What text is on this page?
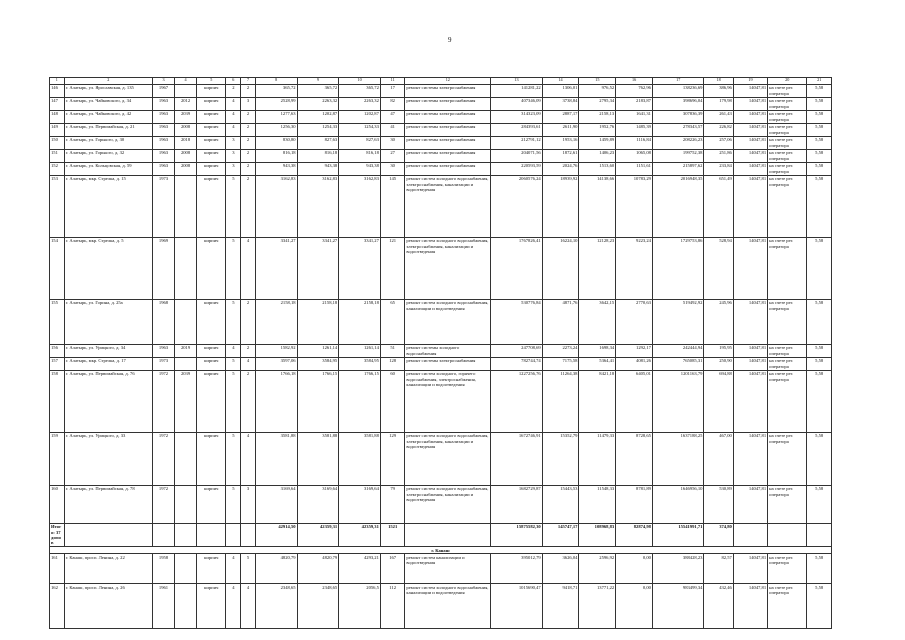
9
1	2	3	4	5	6	7	8	9	10	11	12	13	14	15	16	17	18	19	20	21
146	г. Алатырь, ул. Ярославская, д. 135	1967		кирпич	2	2	365,72	365,72	365,72	17	ремонт системы электроснабжения	141281,22	1306,01	976,52	762,96	138236,69	386,96	14047,81	на счете рег. оператора	5,58
147	г. Алатырь, ул. Чайковского, д. 34	1963	2012	кирпич	4	3	2528,99	2263,32	2263,32	82	ремонт системы электроснабжения	407346,09	3738,84	2795,34	2183,87	398696,04	179,98	14047,81	на счете рег. оператора	5,58
148	г. Алатырь, ул. Чайковского, д. 42	1963	2039	кирпич	4	2	1277,63	1202,87	1202,87	47	ремонт системы электроснабжения	314323,09	2887,17	2158,13	1641,31	307836,39	261,43	14047,81	на счете рег. оператора	5,58
149	г. Алатырь, ул. Первомайская, д. 21	1963	2008	кирпич	4	2	1256,30	1254,33	1254,33	41	ремонт системы электроснабжения	284393,61	2611,90	1952,76	1485,39	278343,57	226,82	14047,81	на счете рег. оператора	5,58
150	г. Алатырь, ул. Горького, д. 30	1963	2018	кирпич	3	2	830,80	827,63	827,63	30	ремонт системы электроснабжения	212791,12	1953,16	1459,89	1116,84	208226,23	257,06	14047,81	на счете рег. оператора	5,58
151	г. Алатырь, ул. Горького, д. 32	1963	2008	кирпич	3	2	816,18	816,18	816,18	27	ремонт системы электроснабжения	204071,56	1872,61	1406,23	1065,08	199752,38	251,86	14047,81	на счете рег. оператора	5,58
152	г. Алатырь, ул. Кольцовская, д. 59	1963	2008	кирпич	3	2	943,38	943,38	943,38	30	ремонт системы электроснабжения	220593,59	2024,76	1513,60	1151,61	215897,62	233,84	14047,81	на счете рег. оператора	5,58
153	г. Алатырь, мкр. Стрелка, д. 15	1973		кирпич	5	2	3162,83	3162,83	3162,83	145	ремонт систем холодного водоснабжения, электроснабжения, канализации и водоотведения	2060576,24	18939,92	14138,66	10783,29	2016948,35	651,49	14047,81	на счете рег. оператора	5,58
154	г. Алатырь, мкр. Стрелка, д. 5	1969		кирпич	5	4	3341,27	3341,27	3341,27	121	ремонт систем холодного водоснабжения, электроснабжения, канализации и водоотведения	1767826,41	16224,10	12128,23	9223,24	1729753,86	528,94	14047,81	на счете рег. оператора	5,58
155	г. Алатырь, ул. Горина, д. 25а	1968		кирпич	5	2	2158,18	2158,18	2158,18	65	ремонт систем холодного водоснабжения, канализации и водоотведения	530776,84	4871,76	3642,15	2770,63	519492,92	245,96	14047,81	на счете рег. оператора	5,58
156	г. Алатырь, ул. Урицкого, д. 34	1963	2019	кирпич	4	2	1582,92	1261,14	1261,14	51	ремонт системы холодного водоснабжения	247708,69	2273,24	1698,34	1292,17	242444,94	195,95	14047,81	на счете рег. оператора	5,58
157	г. Алатырь, мкр. Стрелка, д. 17	1973		кирпич	5	4	3597,06	3584,95	3584,95	128	ремонт системы электроснабжения	782744,74	7175,58	5364,41	4081,26	765085,31	250,90	14047,81	на счете рег. оператора	5,58
158	г. Алатырь, ул. Первомайская, д. 76	1972	2039	кирпич	5	2	1766,18	1766,15	1766,15	60	ремонт систем холодного, горячего водоснабжения, электроснабжения, канализации и водоотведения	1227256,76	11264,38	8421,18	6405,01	1201163,79	694,88	14047,81	на счете рег. оператора	5,58
159	г. Алатырь, ул. Урицкого, д. 33	1972		кирпич	5	4	3581,88	3581,88	3581,88	129	ремонт систем холодного водоснабжения, электроснабжения, канализации и водоотведения	1672746,91	15352,79	11479,33	8728,65	1637188,25	467,00	14047,81	на счете рег. оператора	5,58
160	г. Алатырь, ул. Первомайская, д. 78	1972		кирпич	5	3	3169,64	3169,64	3169,64	79	ремонт систем холодного водоснабжения, электроснабжения, канализации и водоотведения	1682729,87	15443,53	11548,33	8781,89	1646956,10	530,89	14047,81	на счете рег. оператора	5,58
Итого: 37 домов							42914,50	42359,31	42359,31	1521		15875582,30	145747,17	108968,83	82874,98	15541991,71	374,80			
г. Канаш																				
161	г. Канаш, просп. Ленина, д. 22	1958		кирпич	4	5	4820,79	4820,79	4293,21	167	ремонт систем канализации и водоотведения	395012,79	3626,04	2596,92	0,00	388428,23	82,57	14047,81	на счете рег. оператора	5,58
162	г. Канаш, просп. Ленина, д. 26	1961		кирпич	4	4	2348,65	2348,65	2056,5	112	ремонт систем холодного водоснабжения, канализации и водоотведения	1015690,47	9418,71	13771,22	0,00	983499,34	432,46	14047,81	на счете рег. оператора	5,58
